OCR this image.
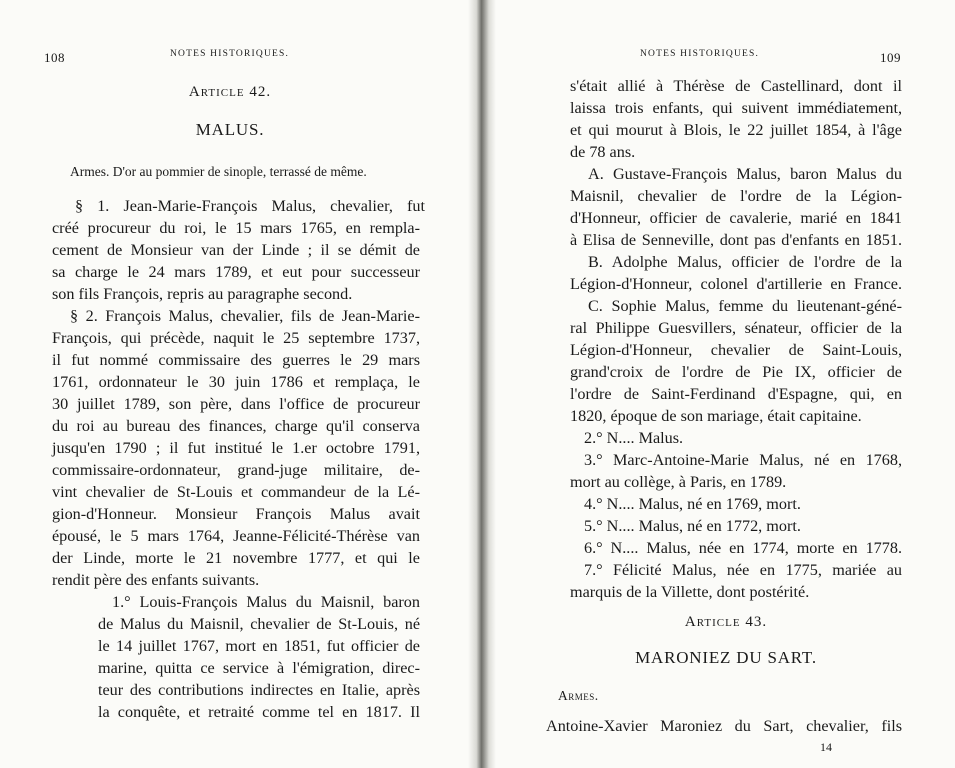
108	NOTES HISTORIQUES.
Article 42.
MALUS.
Armes. D'or au pommier de sinople, terrassé de même.
§ 1. Jean-Marie-François Malus, chevalier, fut
créé procureur du roi, le 15 mars 1765, en rempla-
cement de Monsieur van der Linde ; il se démit de
sa charge le 24 mars 1789, et eut pour successeur
son fils François, repris au paragraphe second.
§ 2. François Malus, chevalier, fils de Jean-Marie-
François, qui précède, naquit le 25 septembre 1737,
il fut nommé commissaire des guerres le 29 mars
1761, ordonnateur le 30 juin 1786 et remplaça, le
30 juillet 1789, son père, dans l'office de procureur
du roi au bureau des finances, charge qu'il conserva
jusqu'en 1790 ; il fut institué le 1.er octobre 1791,
commissaire-ordonnateur, grand-juge militaire, de-
vint chevalier de St-Louis et commandeur de la Lé-
gion-d'Honneur. Monsieur François Malus avait
épousé, le 5 mars 1764, Jeanne-Félicité-Thérèse van
der Linde, morte le 21 novembre 1777, et qui le
rendit père des enfants suivants.
1.° Louis-François Malus du Maisnil, baron
de Malus du Maisnil, chevalier de St-Louis, né
le 14 juillet 1767, mort en 1851, fut officier de
marine, quitta ce service à l'émigration, direc-
teur des contributions indirectes en Italie, après
la conquête, et retraité comme tel en 1817. Il
NOTES HISTORIQUES.	109
s'était allié à Thérèse de Castellinard, dont il
laissa trois enfants, qui suivent immédiatement,
et qui mourut à Blois, le 22 juillet 1854, à l'âge
de 78 ans.
A. Gustave-François Malus, baron Malus du
Maisnil, chevalier de l'ordre de la Légion-
d'Honneur, officier de cavalerie, marié en 1841
à Elisa de Senneville, dont pas d'enfants en 1851.
B. Adolphe Malus, officier de l'ordre de la
Légion-d'Honneur, colonel d'artillerie en France.
C. Sophie Malus, femme du lieutenant-géné-
ral Philippe Guesvillers, sénateur, officier de la
Légion-d'Honneur, chevalier de Saint-Louis,
grand'croix de l'ordre de Pie IX, officier de
l'ordre de Saint-Ferdinand d'Espagne, qui, en
1820, époque de son mariage, était capitaine.
2.° N.... Malus.
3.° Marc-Antoine-Marie Malus, né en 1768,
mort au collège, à Paris, en 1789.
4.° N.... Malus, né en 1769, mort.
5.° N.... Malus, né en 1772, mort.
6.° N.... Malus, née en 1774, morte en 1778.
7.° Félicité Malus, née en 1775, mariée au
marquis de la Villette, dont postérité.
Article 43.
MARONIEZ DU SART.
Armes.
Antoine-Xavier Maroniez du Sart, chevalier, fils
14
